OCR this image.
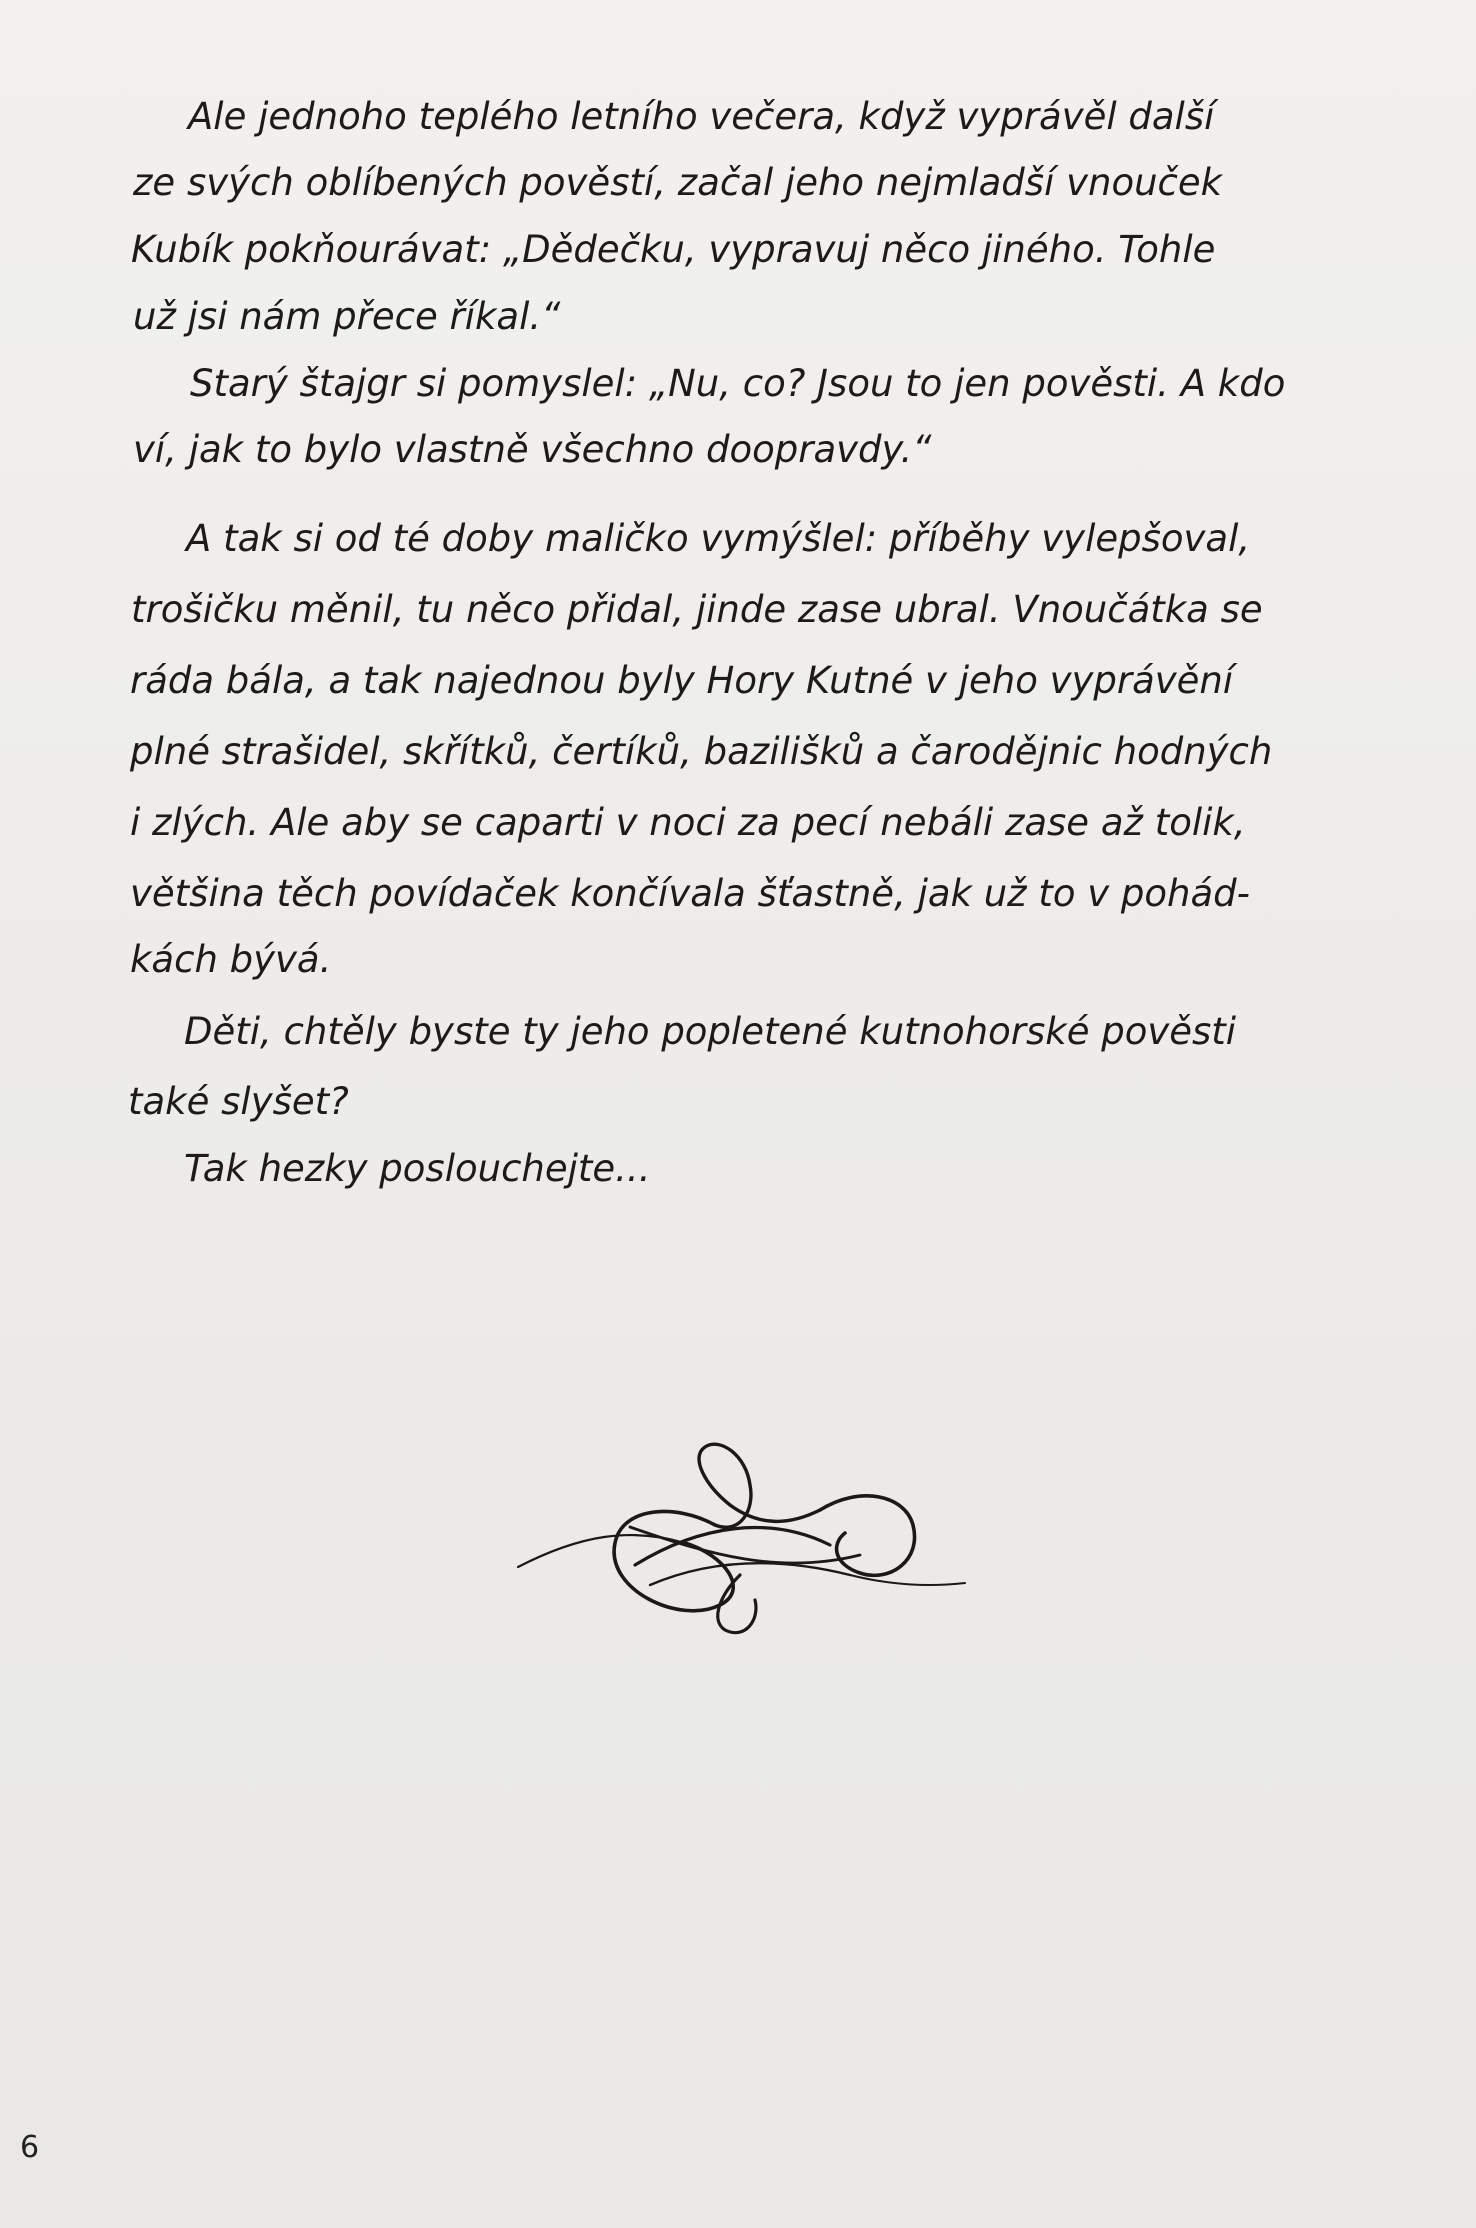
Ale jednoho teplého letního večera, když vyprávěl další
ze svých oblíbených pověstí, začal jeho nejmladší vnouček
Kubík pokňourávat: „Dědečku, vypravuj něco jiného. Tohle
už jsi nám přece říkal.“
Starý štajgr si pomyslel: „Nu, co? Jsou to jen pověsti. A kdo
ví, jak to bylo vlastně všechno doopravdy.“
A tak si od té doby maličko vymýšlel: příběhy vylepšoval,
trošičku měnil, tu něco přidal, jinde zase ubral. Vnoučátka se
ráda bála, a tak najednou byly Hory Kutné v jeho vyprávění
plné strašidel, skřítků, čertíků, bazilišků a čarodějnic hodných
i zlých. Ale aby se caparti v noci za pecí nebáli zase až tolik,
většina těch povídaček končívala šťastně, jak už to v pohád-
kách bývá.
Děti, chtěly byste ty jeho popletené kutnohorské pověsti
také slyšet?
Tak hezky poslouchejte...
6
